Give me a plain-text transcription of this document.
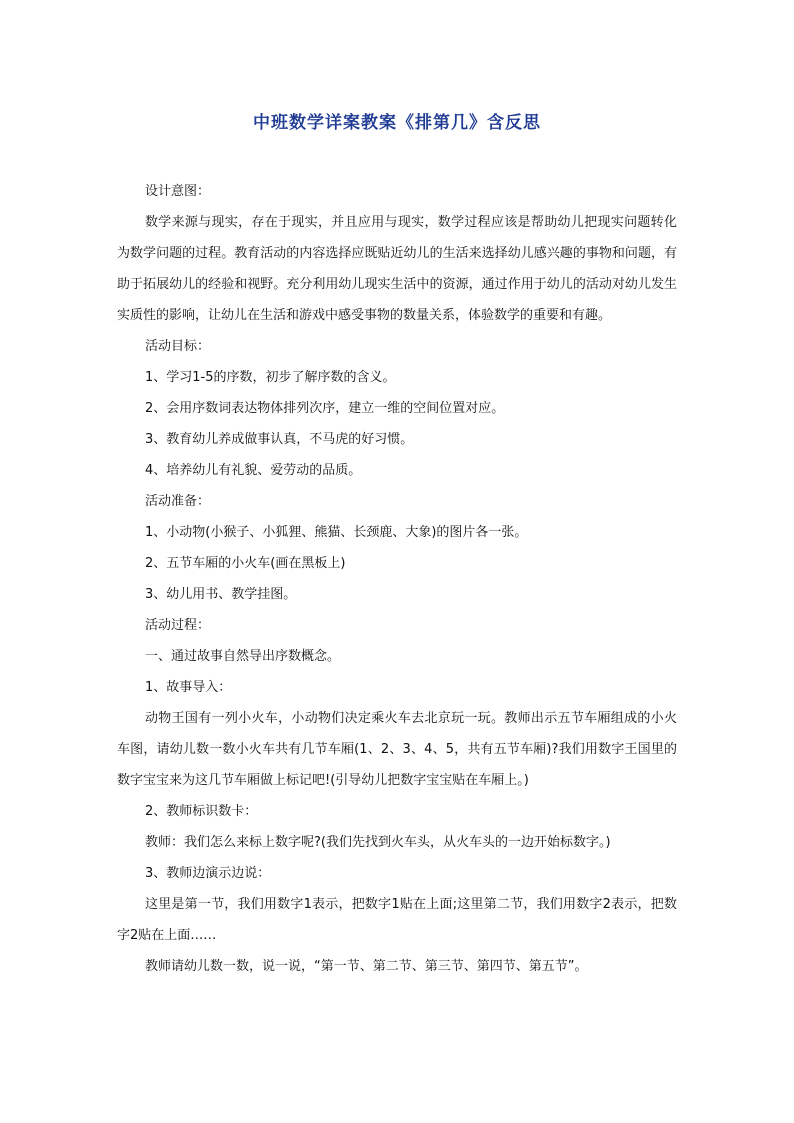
中班数学详案教案《排第几》含反思

设计意图：

数学来源与现实，存在于现实，并且应用与现实，数学过程应该是帮助幼儿把现实问题转化为数学问题的过程。教育活动的内容选择应既贴近幼儿的生活来选择幼儿感兴趣的事物和问题，有助于拓展幼儿的经验和视野。充分利用幼儿现实生活中的资源，通过作用于幼儿的活动对幼儿发生实质性的影响，让幼儿在生活和游戏中感受事物的数量关系，体验数学的重要和有趣。

活动目标：

1、学习1-5的序数，初步了解序数的含义。

2、会用序数词表达物体排列次序，建立一维的空间位置对应。

3、教育幼儿养成做事认真，不马虎的好习惯。

4、培养幼儿有礼貌、爱劳动的品质。

活动准备：

1、小动物(小猴子、小狐狸、熊猫、长颈鹿、大象)的图片各一张。

2、五节车厢的小火车(画在黑板上)

3、幼儿用书、教学挂图。

活动过程：

一、通过故事自然导出序数概念。

1、故事导入：

动物王国有一列小火车，小动物们决定乘火车去北京玩一玩。教师出示五节车厢组成的小火车图，请幼儿数一数小火车共有几节车厢(1、2、3、4、5，共有五节车厢)?我们用数字王国里的数字宝宝来为这几节车厢做上标记吧!(引导幼儿把数字宝宝贴在车厢上。)

2、教师标识数卡：

教师：我们怎么来标上数字呢?(我们先找到火车头，从火车头的一边开始标数字。)

3、教师边演示边说：

这里是第一节，我们用数字1表示，把数字1贴在上面;这里第二节，我们用数字2表示，把数字2贴在上面……

教师请幼儿数一数，说一说，“第一节、第二节、第三节、第四节、第五节”。
